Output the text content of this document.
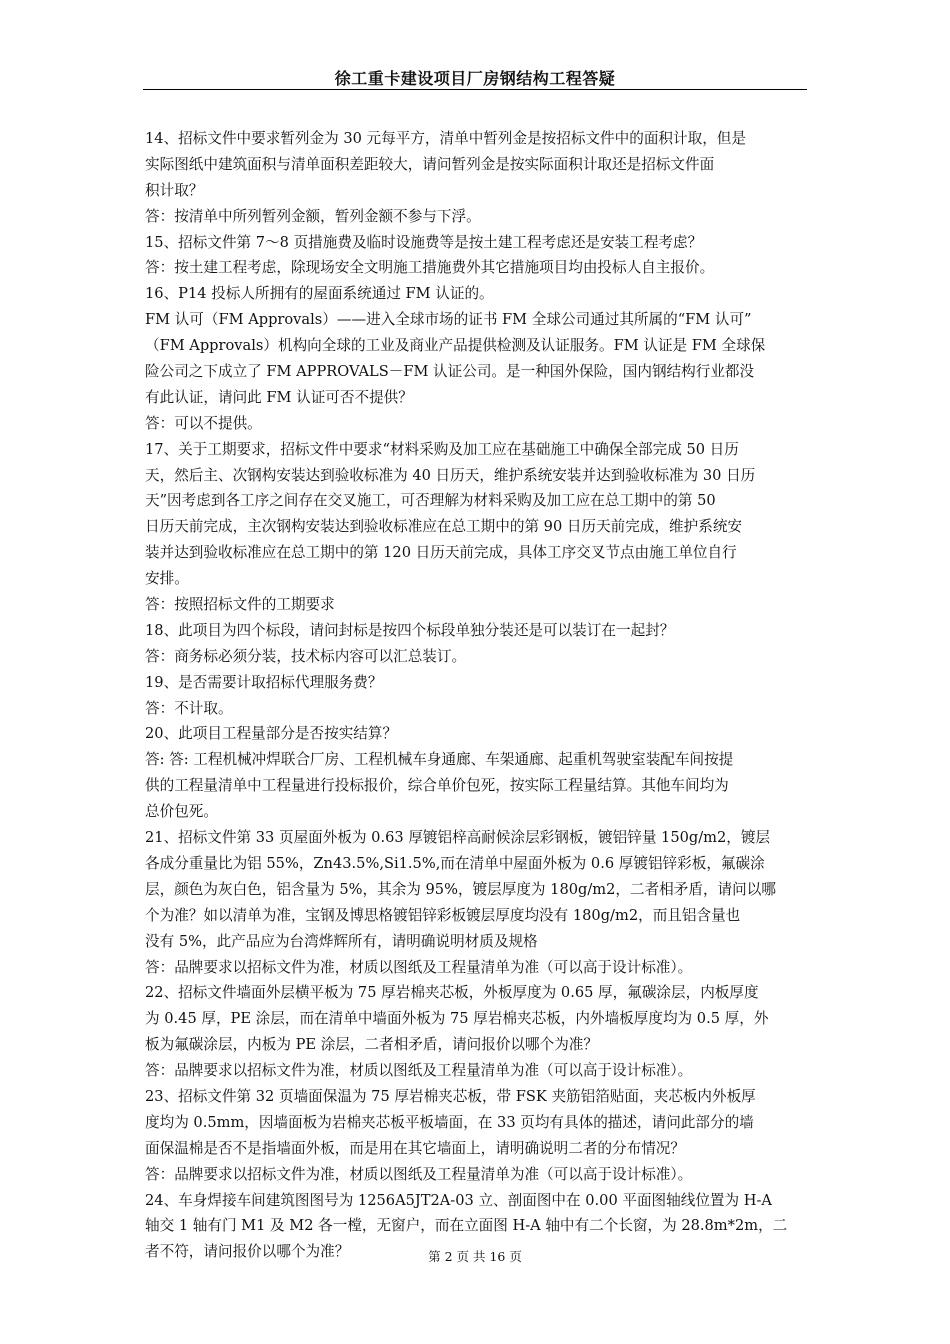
徐工重卡建设项目厂房钢结构工程答疑
14、招标文件中要求暂列金为 30 元每平方，清单中暂列金是按招标文件中的面积计取，但是
实际图纸中建筑面积与清单面积差距较大，请问暂列金是按实际面积计取还是招标文件面
积计取？
答：按清单中所列暂列金额，暂列金额不参与下浮。
15、招标文件第 7～8 页措施费及临时设施费等是按土建工程考虑还是安装工程考虑？
答：按土建工程考虑，除现场安全文明施工措施费外其它措施项目均由投标人自主报价。
16、P14 投标人所拥有的屋面系统通过 FM 认证的。
FM 认可（FM Approvals）——进入全球市场的证书 FM 全球公司通过其所属的“FM 认可”
（FM Approvals）机构向全球的工业及商业产品提供检测及认证服务。FM 认证是 FM 全球保
险公司之下成立了 FM APPROVALS－FM 认证公司。是一种国外保险，国内钢结构行业都没
有此认证，请问此 FM 认证可否不提供？
答：可以不提供。
17、关于工期要求，招标文件中要求“材料采购及加工应在基础施工中确保全部完成 50 日历
天，然后主、次钢构安装达到验收标准为 40 日历天，维护系统安装并达到验收标准为 30 日历
天”因考虑到各工序之间存在交叉施工，可否理解为材料采购及加工应在总工期中的第 50
日历天前完成，主次钢构安装达到验收标准应在总工期中的第 90 日历天前完成，维护系统安
装并达到验收标准应在总工期中的第 120 日历天前完成，具体工序交叉节点由施工单位自行
安排。
答：按照招标文件的工期要求
18、此项目为四个标段，请问封标是按四个标段单独分装还是可以装订在一起封？
答：商务标必须分装，技术标内容可以汇总装订。
19、是否需要计取招标代理服务费？
答：不计取。
20、此项目工程量部分是否按实结算？
答: 答: 工程机械冲焊联合厂房、工程机械车身通廊、车架通廊、起重机驾驶室装配车间按提
供的工程量清单中工程量进行投标报价，综合单价包死，按实际工程量结算。其他车间均为
总价包死。
21、招标文件第 33 页屋面外板为 0.63 厚镀铝梓高耐候涂层彩钢板，镀铝锌量 150g/m2，镀层
各成分重量比为铝 55%，Zn43.5%,Si1.5%,而在清单中屋面外板为 0.6 厚镀铝锌彩板，氟碳涂
层，颜色为灰白色，铝含量为 5%，其余为 95%，镀层厚度为 180g/m2，二者相矛盾，请问以哪
个为准？如以清单为准，宝钢及博思格镀铝锌彩板镀层厚度均没有 180g/m2，而且铝含量也
没有 5%，此产品应为台湾烨辉所有，请明确说明材质及规格
答：品牌要求以招标文件为准，材质以图纸及工程量清单为准（可以高于设计标准）。
22、招标文件墙面外层横平板为 75 厚岩棉夹芯板，外板厚度为 0.65 厚，氟碳涂层，内板厚度
为 0.45 厚，PE 涂层，而在清单中墙面外板为 75 厚岩棉夹芯板，内外墙板厚度均为 0.5 厚，外
板为氟碳涂层，内板为 PE 涂层，二者相矛盾，请问报价以哪个为准？
答：品牌要求以招标文件为准，材质以图纸及工程量清单为准（可以高于设计标准）。
23、招标文件第 32 页墙面保温为 75 厚岩棉夹芯板，带 FSK 夹筋铝箔贴面，夹芯板内外板厚
度均为 0.5mm，因墙面板为岩棉夹芯板平板墙面，在 33 页均有具体的描述，请问此部分的墙
面保温棉是否不是指墙面外板，而是用在其它墙面上，请明确说明二者的分布情况？
答：品牌要求以招标文件为准，材质以图纸及工程量清单为准（可以高于设计标准）。
24、车身焊接车间建筑图图号为 1256A5JT2A-03 立、剖面图中在 0.00 平面图轴线位置为 H-A
轴交 1 轴有门 M1 及 M2 各一樘，无窗户，而在立面图 H-A 轴中有二个长窗，为 28.8m*2m，二
者不符，请问报价以哪个为准？	第 2 页 共 16 页
